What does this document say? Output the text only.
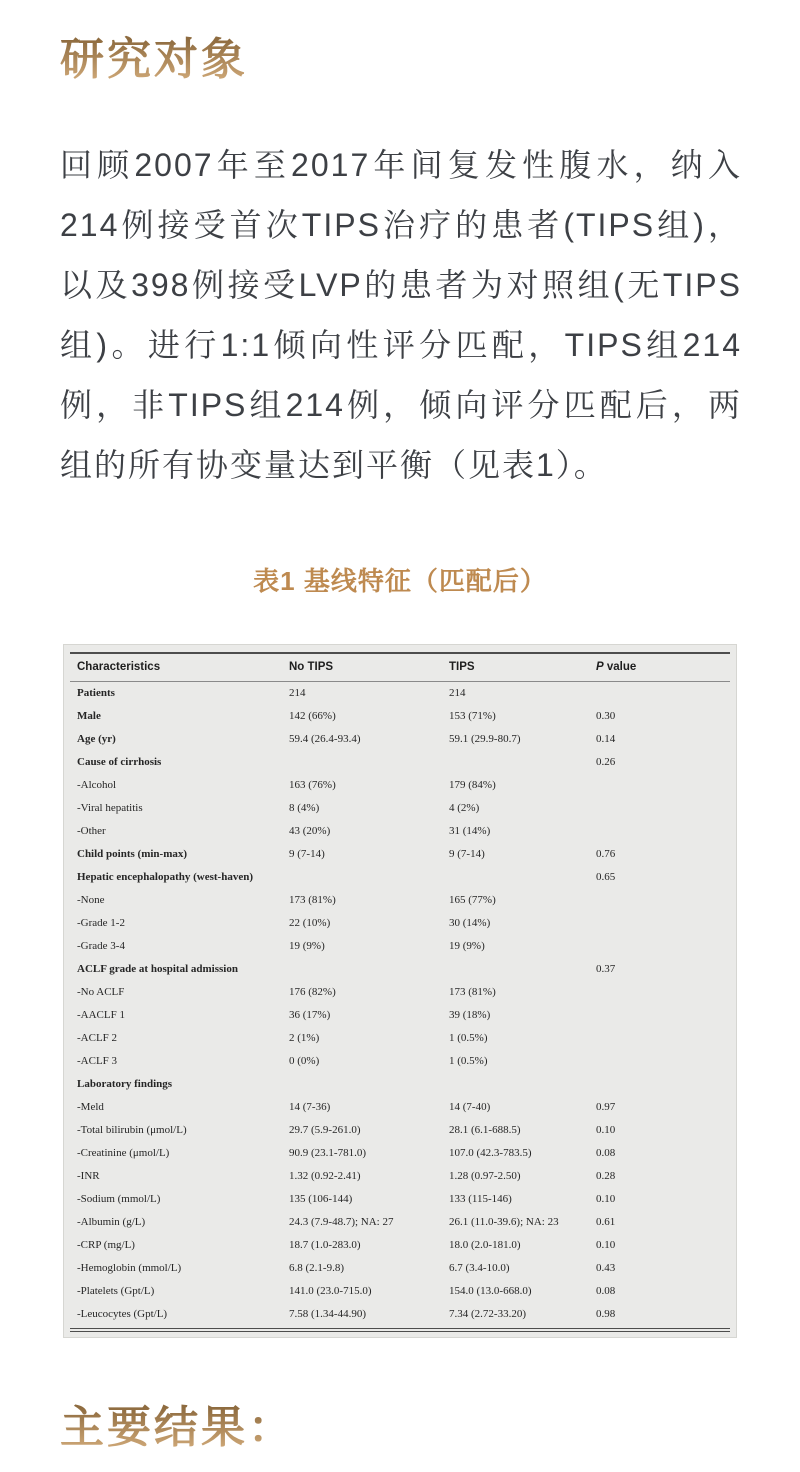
研究对象

回顾2007年至2017年间复发性腹水，纳入214例接受首次TIPS治疗的患者(TIPS组)，以及398例接受LVP的患者为对照组(无TIPS组)。进行1:1倾向性评分匹配，TIPS组214例，非TIPS组214例，倾向评分匹配后，两组的所有协变量达到平衡（见表1）。

表1 基线特征（匹配后）
Characteristics	No TIPS	TIPS	P value
Patients	214	214	
Male	142 (66%)	153 (71%)	0.30
Age (yr)	59.4 (26.4-93.4)	59.1 (29.9-80.7)	0.14
Cause of cirrhosis			0.26
-Alcohol	163 (76%)	179 (84%)	
-Viral hepatitis	8 (4%)	4 (2%)	
-Other	43 (20%)	31 (14%)	
Child points (min-max)	9 (7-14)	9 (7-14)	0.76
Hepatic encephalopathy (west-haven)			0.65
-None	173 (81%)	165 (77%)	
-Grade 1-2	22 (10%)	30 (14%)	
-Grade 3-4	19 (9%)	19 (9%)	
ACLF grade at hospital admission			0.37
-No ACLF	176 (82%)	173 (81%)	
-AACLF 1	36 (17%)	39 (18%)	
-ACLF 2	2 (1%)	1 (0.5%)	
-ACLF 3	0 (0%)	1 (0.5%)	
Laboratory findings			
-Meld	14 (7-36)	14 (7-40)	0.97
-Total bilirubin (μmol/L)	29.7 (5.9-261.0)	28.1 (6.1-688.5)	0.10
-Creatinine (μmol/L)	90.9 (23.1-781.0)	107.0 (42.3-783.5)	0.08
-INR	1.32 (0.92-2.41)	1.28 (0.97-2.50)	0.28
-Sodium (mmol/L)	135 (106-144)	133 (115-146)	0.10
-Albumin (g/L)	24.3 (7.9-48.7); NA: 27	26.1 (11.0-39.6); NA: 23	0.61
-CRP (mg/L)	18.7 (1.0-283.0)	18.0 (2.0-181.0)	0.10
-Hemoglobin (mmol/L)	6.8 (2.1-9.8)	6.7 (3.4-10.0)	0.43
-Platelets (Gpt/L)	141.0 (23.0-715.0)	154.0 (13.0-668.0)	0.08
-Leucocytes (Gpt/L)	7.58 (1.34-44.90)	7.34 (2.72-33.20)	0.98
主要结果：
